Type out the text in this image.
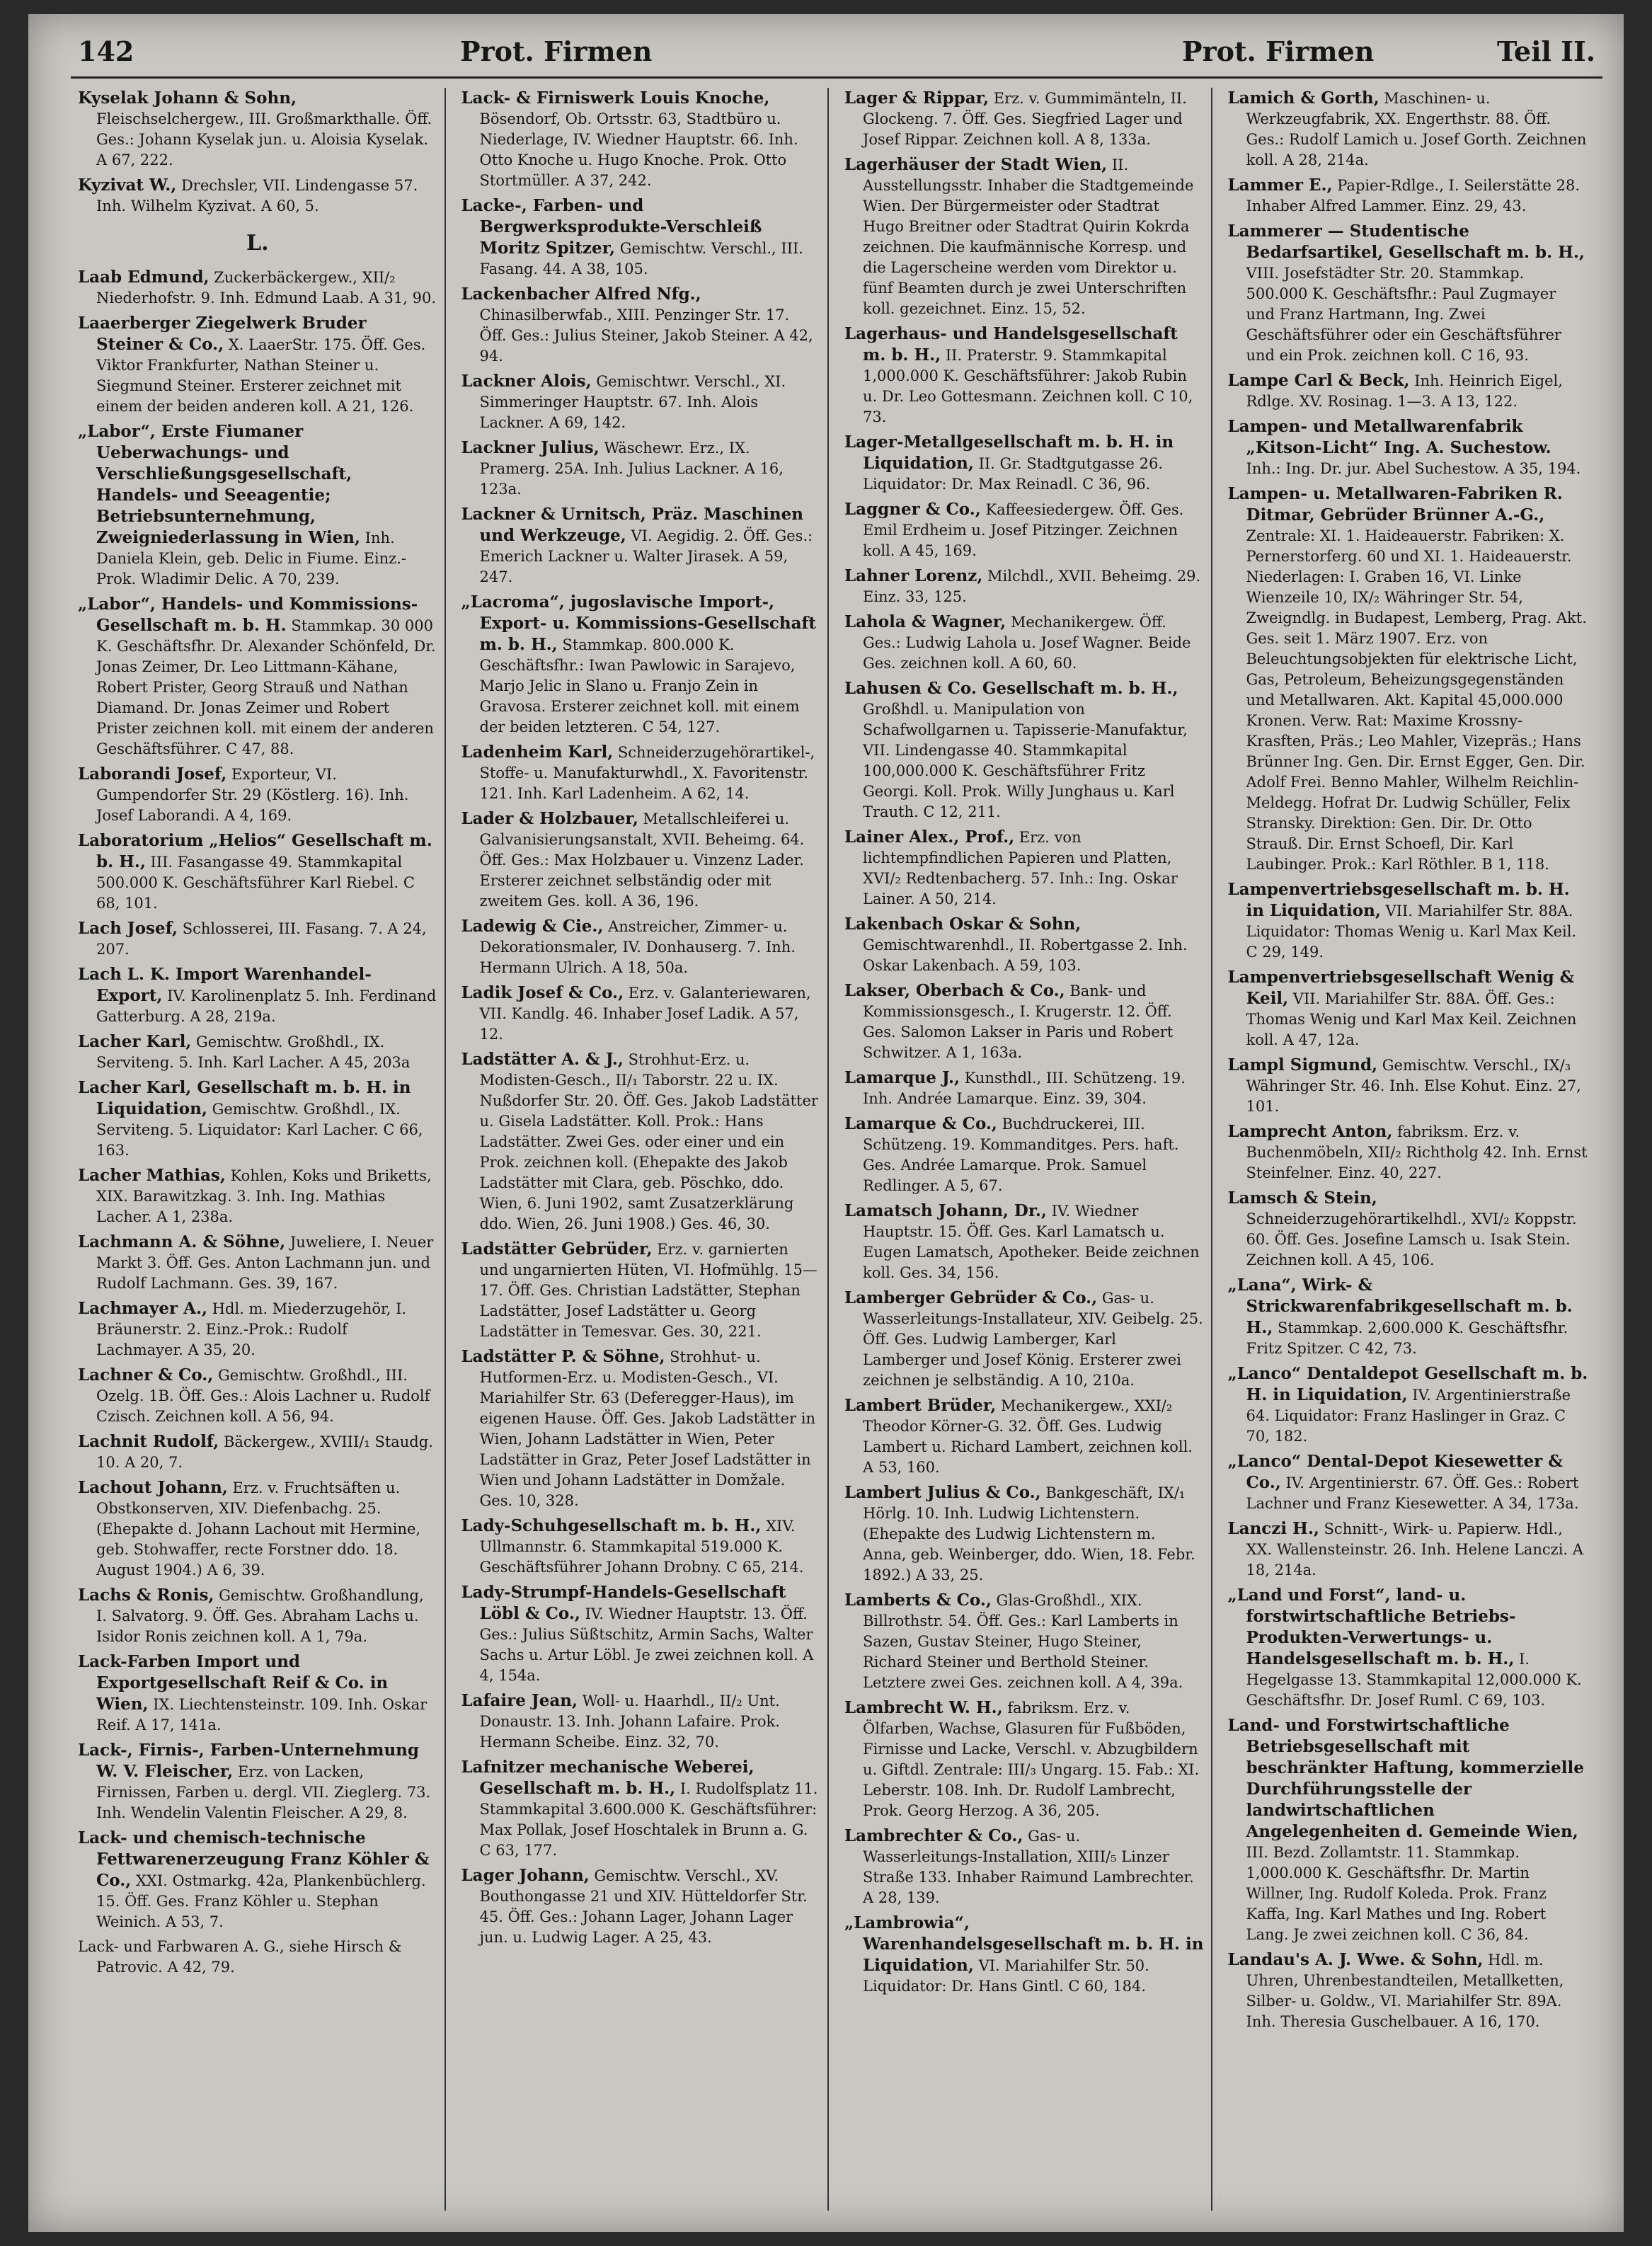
142	Prot. Firmen	Prot. Firmen	Teil II.

Kyselak Johann & Sohn, Fleischselchergew., III. Großmarkthalle. Öff. Ges.: Johann Kyselak jun. u. Aloisia Kyselak. A 67, 222.

Kyzivat W., Drechsler, VII. Lindengasse 57. Inh. Wilhelm Kyzivat. A 60, 5.

L.

Laab Edmund, Zuckerbäckergew., XII/₂ Niederhofstr. 9. Inh. Edmund Laab. A 31, 90.

Laaerberger Ziegelwerk Bruder Steiner & Co., X. LaaerStr. 175. Öff. Ges. Viktor Frankfurter, Nathan Steiner u. Siegmund Steiner. Ersterer zeichnet mit einem der beiden anderen koll. A 21, 126.

„Labor“, Erste Fiumaner Ueberwachungs- und Verschließungsgesellschaft, Handels- und Seeagentie; Betriebsunternehmung, Zweigniederlassung in Wien, Inh. Daniela Klein, geb. Delic in Fiume. Einz.-Prok. Wladimir Delic. A 70, 239.

„Labor“, Handels- und Kommissions-Gesellschaft m. b. H. Stammkap. 30 000 K. Geschäftsfhr. Dr. Alexander Schönfeld, Dr. Jonas Zeimer, Dr. Leo Littmann-Kähane, Robert Prister, Georg Strauß und Nathan Diamand. Dr. Jonas Zeimer und Robert Prister zeichnen koll. mit einem der anderen Geschäftsführer. C 47, 88.

Laborandi Josef, Exporteur, VI. Gumpendorfer Str. 29 (Köstlerg. 16). Inh. Josef Laborandi. A 4, 169.

Laboratorium „Helios“ Gesellschaft m. b. H., III. Fasangasse 49. Stammkapital 500.000 K. Geschäftsführer Karl Riebel. C 68, 101.

Lach Josef, Schlosserei, III. Fasang. 7. A 24, 207.

Lach L. K. Import Warenhandel-Export, IV. Karolinenplatz 5. Inh. Ferdinand Gatterburg. A 28, 219a.

Lacher Karl, Gemischtw. Großhdl., IX. Serviteng. 5. Inh. Karl Lacher. A 45, 203a

Lacher Karl, Gesellschaft m. b. H. in Liquidation, Gemischtw. Großhdl., IX. Serviteng. 5. Liquidator: Karl Lacher. C 66, 163.

Lacher Mathias, Kohlen, Koks und Briketts, XIX. Barawitzkag. 3. Inh. Ing. Mathias Lacher. A 1, 238a.

Lachmann A. & Söhne, Juweliere, I. Neuer Markt 3. Öff. Ges. Anton Lachmann jun. und Rudolf Lachmann. Ges. 39, 167.

Lachmayer A., Hdl. m. Miederzugehör, I. Bräunerstr. 2. Einz.-Prok.: Rudolf Lachmayer. A 35, 20.

Lachner & Co., Gemischtw. Großhdl., III. Ozelg. 1B. Öff. Ges.: Alois Lachner u. Rudolf Czisch. Zeichnen koll. A 56, 94.

Lachnit Rudolf, Bäckergew., XVIII/₁ Staudg. 10. A 20, 7.

Lachout Johann, Erz. v. Fruchtsäften u. Obstkonserven, XIV. Diefenbachg. 25. (Ehepakte d. Johann Lachout mit Hermine, geb. Stohwaffer, recte Forstner ddo. 18. August 1904.) A 6, 39.

Lachs & Ronis, Gemischtw. Großhandlung, I. Salvatorg. 9. Öff. Ges. Abraham Lachs u. Isidor Ronis zeichnen koll. A 1, 79a.

Lack-Farben Import und Exportgesellschaft Reif & Co. in Wien, IX. Liechtensteinstr. 109. Inh. Oskar Reif. A 17, 141a.

Lack-, Firnis-, Farben-Unternehmung W. V. Fleischer, Erz. von Lacken, Firnissen, Farben u. dergl. VII. Zieglerg. 73. Inh. Wendelin Valentin Fleischer. A 29, 8.

Lack- und chemisch-technische Fettwarenerzeugung Franz Köhler & Co., XXI. Ostmarkg. 42a, Plankenbüchlerg. 15. Öff. Ges. Franz Köhler u. Stephan Weinich. A 53, 7.

Lack- und Farbwaren A. G., siehe Hirsch & Patrovic. A 42, 79.

Lack- & Firniswerk Louis Knoche, Bösendorf, Ob. Ortsstr. 63, Stadtbüro u. Niederlage, IV. Wiedner Hauptstr. 66. Inh. Otto Knoche u. Hugo Knoche. Prok. Otto Stortmüller. A 37, 242.

Lacke-, Farben- und Bergwerksprodukte-Verschleiß Moritz Spitzer, Gemischtw. Verschl., III. Fasang. 44. A 38, 105.

Lackenbacher Alfred Nfg., Chinasilberwfab., XIII. Penzinger Str. 17. Öff. Ges.: Julius Steiner, Jakob Steiner. A 42, 94.

Lackner Alois, Gemischtwr. Verschl., XI. Simmeringer Hauptstr. 67. Inh. Alois Lackner. A 69, 142.

Lackner Julius, Wäschewr. Erz., IX. Pramerg. 25A. Inh. Julius Lackner. A 16, 123a.

Lackner & Urnitsch, Präz. Maschinen und Werkzeuge, VI. Aegidig. 2. Öff. Ges.: Emerich Lackner u. Walter Jirasek. A 59, 247.

„Lacroma“, jugoslavische Import-, Export- u. Kommissions-Gesellschaft m. b. H., Stammkap. 800.000 K. Geschäftsfhr.: Iwan Pawlowic in Sarajevo, Marjo Jelic in Slano u. Franjo Zein in Gravosa. Ersterer zeichnet koll. mit einem der beiden letzteren. C 54, 127.

Ladenheim Karl, Schneiderzugehörartikel-, Stoffe- u. Manufakturwhdl., X. Favoritenstr. 121. Inh. Karl Ladenheim. A 62, 14.

Lader & Holzbauer, Metallschleiferei u. Galvanisierungsanstalt, XVII. Beheimg. 64. Öff. Ges.: Max Holzbauer u. Vinzenz Lader. Ersterer zeichnet selbständig oder mit zweitem Ges. koll. A 36, 196.

Ladewig & Cie., Anstreicher, Zimmer- u. Dekorationsmaler, IV. Donhauserg. 7. Inh. Hermann Ulrich. A 18, 50a.

Ladik Josef & Co., Erz. v. Galanteriewaren, VII. Kandlg. 46. Inhaber Josef Ladik. A 57, 12.

Ladstätter A. & J., Strohhut-Erz. u. Modisten-Gesch., II/₁ Taborstr. 22 u. IX. Nußdorfer Str. 20. Öff. Ges. Jakob Ladstätter u. Gisela Ladstätter. Koll. Prok.: Hans Ladstätter. Zwei Ges. oder einer und ein Prok. zeichnen koll. (Ehepakte des Jakob Ladstätter mit Clara, geb. Pöschko, ddo. Wien, 6. Juni 1902, samt Zusatzerklärung ddo. Wien, 26. Juni 1908.) Ges. 46, 30.

Ladstätter Gebrüder, Erz. v. garnierten und ungarnierten Hüten, VI. Hofmühlg. 15—17. Öff. Ges. Christian Ladstätter, Stephan Ladstätter, Josef Ladstätter u. Georg Ladstätter in Temesvar. Ges. 30, 221.

Ladstätter P. & Söhne, Strohhut- u. Hutformen-Erz. u. Modisten-Gesch., VI. Mariahilfer Str. 63 (Deferegger-Haus), im eigenen Hause. Öff. Ges. Jakob Ladstätter in Wien, Johann Ladstätter in Wien, Peter Ladstätter in Graz, Peter Josef Ladstätter in Wien und Johann Ladstätter in Domžale. Ges. 10, 328.

Lady-Schuhgesellschaft m. b. H., XIV. Ullmannstr. 6. Stammkapital 519.000 K. Geschäftsführer Johann Drobny. C 65, 214.

Lady-Strumpf-Handels-Gesellschaft Löbl & Co., IV. Wiedner Hauptstr. 13. Öff. Ges.: Julius Süßtschitz, Armin Sachs, Walter Sachs u. Artur Löbl. Je zwei zeichnen koll. A 4, 154a.

Lafaire Jean, Woll- u. Haarhdl., II/₂ Unt. Donaustr. 13. Inh. Johann Lafaire. Prok. Hermann Scheibe. Einz. 32, 70.

Lafnitzer mechanische Weberei, Gesellschaft m. b. H., I. Rudolfsplatz 11. Stammkapital 3.600.000 K. Geschäftsführer: Max Pollak, Josef Hoschtalek in Brunn a. G. C 63, 177.

Lager Johann, Gemischtw. Verschl., XV. Bouthongasse 21 und XIV. Hütteldorfer Str. 45. Öff. Ges.: Johann Lager, Johann Lager jun. u. Ludwig Lager. A 25, 43.

Lager & Rippar, Erz. v. Gummimänteln, II. Glockeng. 7. Öff. Ges. Siegfried Lager und Josef Rippar. Zeichnen koll. A 8, 133a.

Lagerhäuser der Stadt Wien, II. Ausstellungsstr. Inhaber die Stadtgemeinde Wien. Der Bürgermeister oder Stadtrat Hugo Breitner oder Stadtrat Quirin Kokrda zeichnen. Die kaufmännische Korresp. und die Lagerscheine werden vom Direktor u. fünf Beamten durch je zwei Unterschriften koll. gezeichnet. Einz. 15, 52.

Lagerhaus- und Handelsgesellschaft m. b. H., II. Praterstr. 9. Stammkapital 1,000.000 K. Geschäftsführer: Jakob Rubin u. Dr. Leo Gottesmann. Zeichnen koll. C 10, 73.

Lager-Metallgesellschaft m. b. H. in Liquidation, II. Gr. Stadtgutgasse 26. Liquidator: Dr. Max Reinadl. C 36, 96.

Laggner & Co., Kaffeesiedergew. Öff. Ges. Emil Erdheim u. Josef Pitzinger. Zeichnen koll. A 45, 169.

Lahner Lorenz, Milchdl., XVII. Beheimg. 29. Einz. 33, 125.

Lahola & Wagner, Mechanikergew. Öff. Ges.: Ludwig Lahola u. Josef Wagner. Beide Ges. zeichnen koll. A 60, 60.

Lahusen & Co. Gesellschaft m. b. H., Großhdl. u. Manipulation von Schafwollgarnen u. Tapisserie-Manufaktur, VII. Lindengasse 40. Stammkapital 100,000.000 K. Geschäftsführer Fritz Georgi. Koll. Prok. Willy Junghaus u. Karl Trauth. C 12, 211.

Lainer Alex., Prof., Erz. von lichtempfindlichen Papieren und Platten, XVI/₂ Redtenbacherg. 57. Inh.: Ing. Oskar Lainer. A 50, 214.

Lakenbach Oskar & Sohn, Gemischtwarenhdl., II. Robertgasse 2. Inh. Oskar Lakenbach. A 59, 103.

Lakser, Oberbach & Co., Bank- und Kommissionsgesch., I. Krugerstr. 12. Öff. Ges. Salomon Lakser in Paris und Robert Schwitzer. A 1, 163a.

Lamarque J., Kunsthdl., III. Schützeng. 19. Inh. Andrée Lamarque. Einz. 39, 304.

Lamarque & Co., Buchdruckerei, III. Schützeng. 19. Kommanditges. Pers. haft. Ges. Andrée Lamarque. Prok. Samuel Redlinger. A 5, 67.

Lamatsch Johann, Dr., IV. Wiedner Hauptstr. 15. Öff. Ges. Karl Lamatsch u. Eugen Lamatsch, Apotheker. Beide zeichnen koll. Ges. 34, 156.

Lamberger Gebrüder & Co., Gas- u. Wasserleitungs-Installateur, XIV. Geibelg. 25. Öff. Ges. Ludwig Lamberger, Karl Lamberger und Josef König. Ersterer zwei zeichnen je selbständig. A 10, 210a.

Lambert Brüder, Mechanikergew., XXI/₂ Theodor Körner-G. 32. Öff. Ges. Ludwig Lambert u. Richard Lambert, zeichnen koll. A 53, 160.

Lambert Julius & Co., Bankgeschäft, IX/₁ Hörlg. 10. Inh. Ludwig Lichtenstern. (Ehepakte des Ludwig Lichtenstern m. Anna, geb. Weinberger, ddo. Wien, 18. Febr. 1892.) A 33, 25.

Lamberts & Co., Glas-Großhdl., XIX. Billrothstr. 54. Öff. Ges.: Karl Lamberts in Sazen, Gustav Steiner, Hugo Steiner, Richard Steiner und Berthold Steiner. Letztere zwei Ges. zeichnen koll. A 4, 39a.

Lambrecht W. H., fabriksm. Erz. v. Ölfarben, Wachse, Glasuren für Fußböden, Firnisse und Lacke, Verschl. v. Abzugbildern u. Giftdl. Zentrale: III/₃ Ungarg. 15. Fab.: XI. Leberstr. 108. Inh. Dr. Rudolf Lambrecht, Prok. Georg Herzog. A 36, 205.

Lambrechter & Co., Gas- u. Wasserleitungs-Installation, XIII/₅ Linzer Straße 133. Inhaber Raimund Lambrechter. A 28, 139.

„Lambrowia“, Warenhandelsgesellschaft m. b. H. in Liquidation, VI. Mariahilfer Str. 50. Liquidator: Dr. Hans Gintl. C 60, 184.

Lamich & Gorth, Maschinen- u. Werkzeugfabrik, XX. Engerthstr. 88. Öff. Ges.: Rudolf Lamich u. Josef Gorth. Zeichnen koll. A 28, 214a.

Lammer E., Papier-Rdlge., I. Seilerstätte 28. Inhaber Alfred Lammer. Einz. 29, 43.

Lammerer — Studentische Bedarfsartikel, Gesellschaft m. b. H., VIII. Josefstädter Str. 20. Stammkap. 500.000 K. Geschäftsfhr.: Paul Zugmayer und Franz Hartmann, Ing. Zwei Geschäftsführer oder ein Geschäftsführer und ein Prok. zeichnen koll. C 16, 93.

Lampe Carl & Beck, Inh. Heinrich Eigel, Rdlge. XV. Rosinag. 1—3. A 13, 122.

Lampen- und Metallwarenfabrik „Kitson-Licht“ Ing. A. Suchestow. Inh.: Ing. Dr. jur. Abel Suchestow. A 35, 194.

Lampen- u. Metallwaren-Fabriken R. Ditmar, Gebrüder Brünner A.-G., Zentrale: XI. 1. Haideauerstr. Fabriken: X. Pernerstorferg. 60 und XI. 1. Haideauerstr. Niederlagen: I. Graben 16, VI. Linke Wienzeile 10, IX/₂ Währinger Str. 54, Zweigndlg. in Budapest, Lemberg, Prag. Akt. Ges. seit 1. März 1907. Erz. von Beleuchtungsobjekten für elektrische Licht, Gas, Petroleum, Beheizungsgegenständen und Metallwaren. Akt. Kapital 45,000.000 Kronen. Verw. Rat: Maxime Krossny-Krasften, Präs.; Leo Mahler, Vizepräs.; Hans Brünner Ing. Gen. Dir. Ernst Egger, Gen. Dir. Adolf Frei. Benno Mahler, Wilhelm Reichlin-Meldegg. Hofrat Dr. Ludwig Schüller, Felix Stransky. Direktion: Gen. Dir. Dr. Otto Strauß. Dir. Ernst Schoefl, Dir. Karl Laubinger. Prok.: Karl Röthler. B 1, 118.

Lampenvertriebsgesellschaft m. b. H. in Liquidation, VII. Mariahilfer Str. 88A. Liquidator: Thomas Wenig u. Karl Max Keil. C 29, 149.

Lampenvertriebsgesellschaft Wenig & Keil, VII. Mariahilfer Str. 88A. Öff. Ges.: Thomas Wenig und Karl Max Keil. Zeichnen koll. A 47, 12a.

Lampl Sigmund, Gemischtw. Verschl., IX/₃ Währinger Str. 46. Inh. Else Kohut. Einz. 27, 101.

Lamprecht Anton, fabriksm. Erz. v. Buchenmöbeln, XII/₂ Richtholg 42. Inh. Ernst Steinfelner. Einz. 40, 227.

Lamsch & Stein, Schneiderzugehörartikelhdl., XVI/₂ Koppstr. 60. Öff. Ges. Josefine Lamsch u. Isak Stein. Zeichnen koll. A 45, 106.

„Lana“, Wirk- & Strickwarenfabrikgesellschaft m. b. H., Stammkap. 2,600.000 K. Geschäftsfhr. Fritz Spitzer. C 42, 73.

„Lanco“ Dentaldepot Gesellschaft m. b. H. in Liquidation, IV. Argentinierstraße 64. Liquidator: Franz Haslinger in Graz. C 70, 182.

„Lanco“ Dental-Depot Kiesewetter & Co., IV. Argentinierstr. 67. Öff. Ges.: Robert Lachner und Franz Kiesewetter. A 34, 173a.

Lanczi H., Schnitt-, Wirk- u. Papierw. Hdl., XX. Wallensteinstr. 26. Inh. Helene Lanczi. A 18, 214a.

„Land und Forst“, land- u. forstwirtschaftliche Betriebs-Produkten-Verwertungs- u. Handelsgesellschaft m. b. H., I. Hegelgasse 13. Stammkapital 12,000.000 K. Geschäftsfhr. Dr. Josef Ruml. C 69, 103.

Land- und Forstwirtschaftliche Betriebsgesellschaft mit beschränkter Haftung, kommerzielle Durchführungsstelle der landwirtschaftlichen Angelegenheiten d. Gemeinde Wien, III. Bezd. Zollamtstr. 11. Stammkap. 1,000.000 K. Geschäftsfhr. Dr. Martin Willner, Ing. Rudolf Koleda. Prok. Franz Kaffa, Ing. Karl Mathes und Ing. Robert Lang. Je zwei zeichnen koll. C 36, 84.

Landau's A. J. Wwe. & Sohn, Hdl. m. Uhren, Uhrenbestandteilen, Metallketten, Silber- u. Goldw., VI. Mariahilfer Str. 89A. Inh. Theresia Guschelbauer. A 16, 170.
